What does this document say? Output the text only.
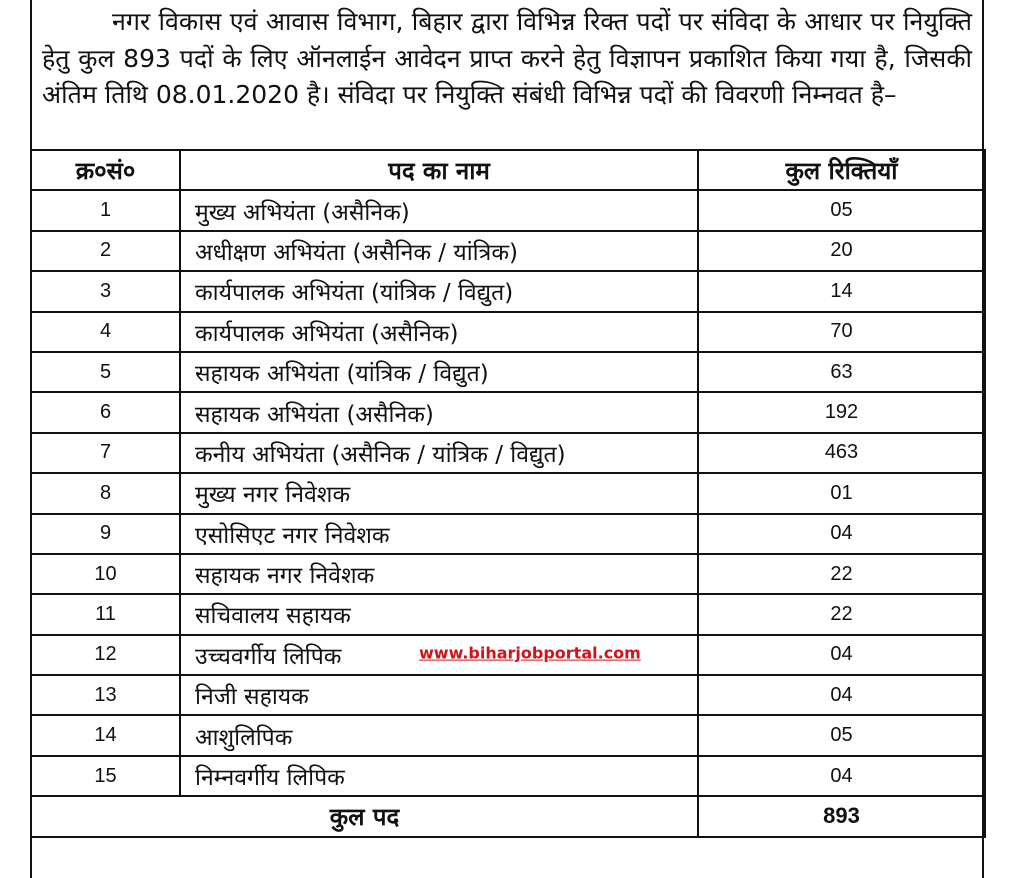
नगर विकास एवं आवास विभाग, बिहार द्वारा विभिन्न रिक्त पदों पर संविदा के आधार पर नियुक्ति हेतु कुल 893 पदों के लिए ऑनलाईन आवेदन प्राप्त करने हेतु विज्ञापन प्रकाशित किया गया है, जिसकी अंतिम तिथि 08.01.2020 है। संविदा पर नियुक्ति संबंधी विभिन्न पदों की विवरणी निम्नवत है–
क्र०सं०	पद का नाम	कुल रिक्तियाँ
1	मुख्य अभियंता (असैनिक)	05
2	अधीक्षण अभियंता (असैनिक / यांत्रिक)	20
3	कार्यपालक अभियंता (यांत्रिक / विद्युत)	14
4	कार्यपालक अभियंता (असैनिक)	70
5	सहायक अभियंता (यांत्रिक / विद्युत)	63
6	सहायक अभियंता (असैनिक)	192
7	कनीय अभियंता (असैनिक / यांत्रिक / विद्युत)	463
8	मुख्य नगर निवेशक	01
9	एसोसिएट नगर निवेशक	04
10	सहायक नगर निवेशक	22
11	सचिवालय सहायक	22
12	उच्चवर्गीय लिपिक www.biharjobportal.com	04
13	निजी सहायक	04
14	आशुलिपिक	05
15	निम्नवर्गीय लिपिक	04
कुल पद		893
